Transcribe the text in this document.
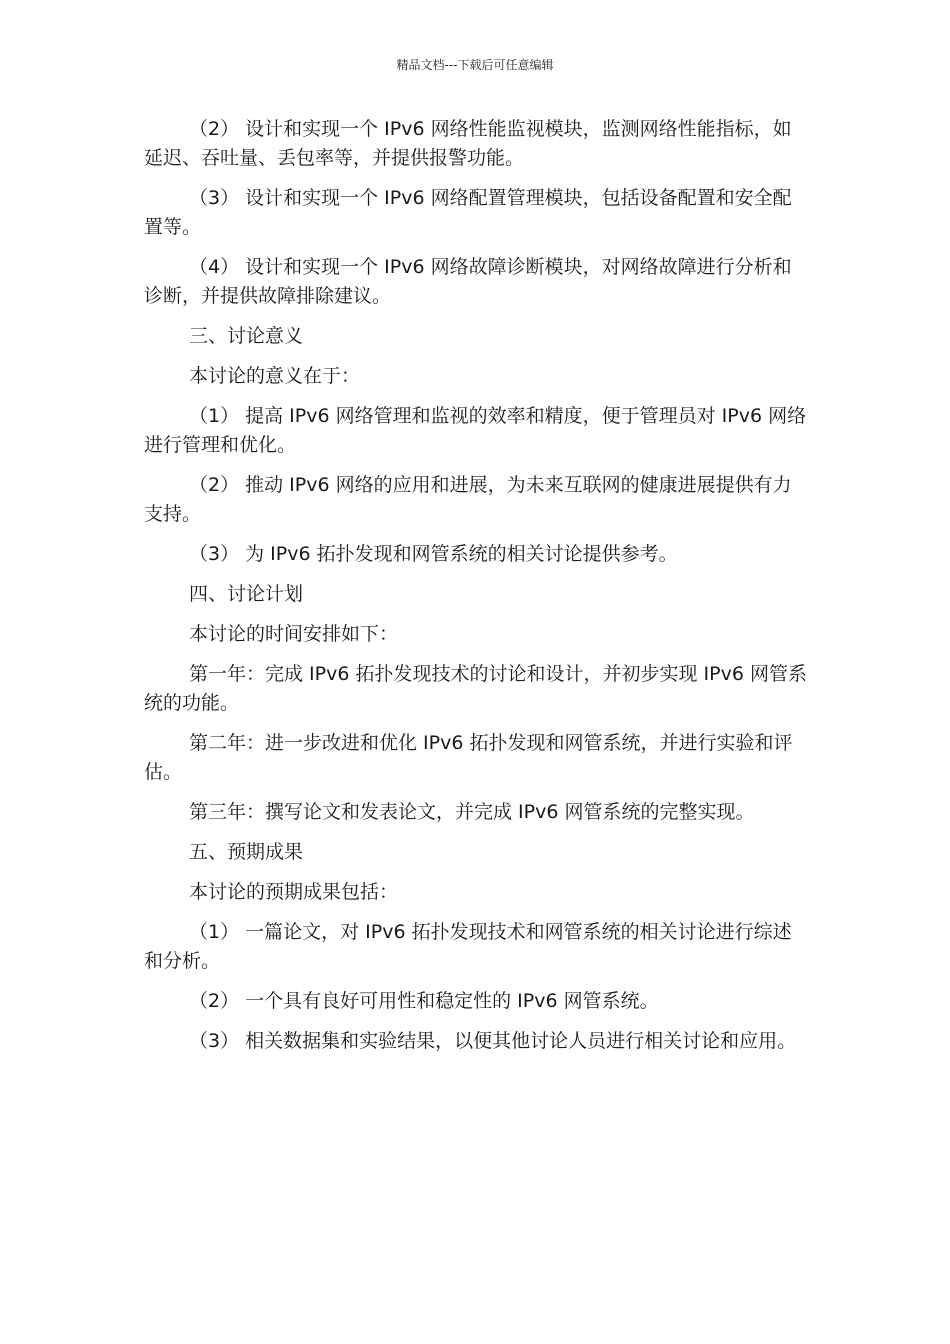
精品文档---下载后可任意编辑

（2） 设计和实现一个 IPv6 网络性能监视模块，监测网络性能指标，如延迟、吞吐量、丢包率等，并提供报警功能。

（3） 设计和实现一个 IPv6 网络配置管理模块，包括设备配置和安全配置等。

（4） 设计和实现一个 IPv6 网络故障诊断模块，对网络故障进行分析和诊断，并提供故障排除建议。

三、讨论意义

本讨论的意义在于：

（1） 提高 IPv6 网络管理和监视的效率和精度，便于管理员对 IPv6 网络进行管理和优化。

（2） 推动 IPv6 网络的应用和进展，为未来互联网的健康进展提供有力支持。

（3） 为 IPv6 拓扑发现和网管系统的相关讨论提供参考。

四、讨论计划

本讨论的时间安排如下：

第一年：完成 IPv6 拓扑发现技术的讨论和设计，并初步实现 IPv6 网管系统的功能。

第二年：进一步改进和优化 IPv6 拓扑发现和网管系统，并进行实验和评估。

第三年：撰写论文和发表论文，并完成 IPv6 网管系统的完整实现。

五、预期成果

本讨论的预期成果包括：

（1） 一篇论文，对 IPv6 拓扑发现技术和网管系统的相关讨论进行综述和分析。

（2） 一个具有良好可用性和稳定性的 IPv6 网管系统。

（3） 相关数据集和实验结果，以便其他讨论人员进行相关讨论和应用。
